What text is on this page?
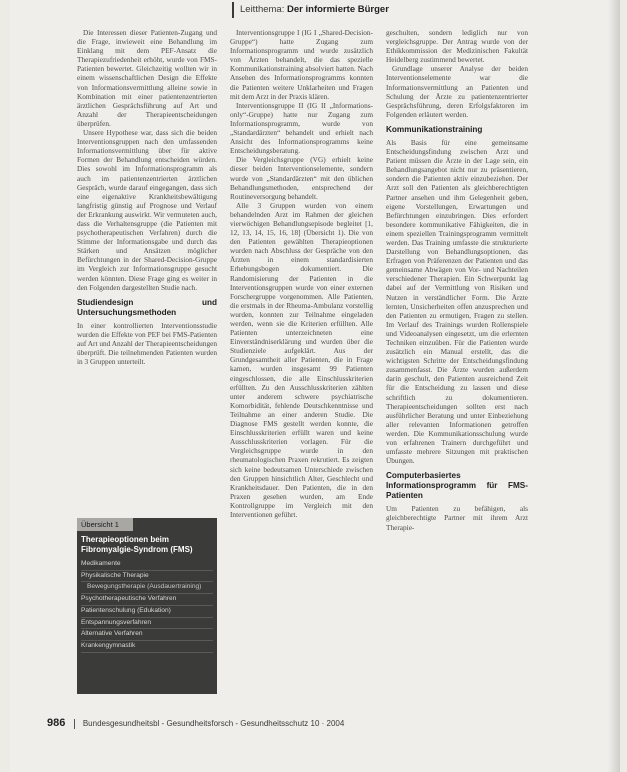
Leitthema: Der informierte Bürger

Die Interessen dieser Patienten-Zugang und die Frage, inwieweit eine Behandlung im Einklang mit dem PEF-Ansatz die Therapiezufriedenheit erhöht, wurde von FMS-Patienten bewertet. Gleichzeitig wollten wir in einem wissenschaftlichen Design die Effekte von Informationsvermittlung alleine sowie in Kombination mit einer patientenzentrierten ärztlichen Gesprächsführung auf Art und Anzahl der Therapieentscheidungen überprüfen.

Unsere Hypothese war, dass sich die beiden Interventionsgruppen nach den umfassenden Informationsvermittlung über für aktive Formen der Behandlung entscheiden würden. Dies sowohl im Informationsprogramm als auch im patientenzentrierten ärztlichen Gespräch, wurde darauf eingegangen, dass sich eine eigenaktive Krankheitsbewältigung langfristig günstig auf Prognose und Verlauf der Erkrankung auswirkt. Wir vermuteten auch, dass die Verhaltensgruppe (die Patienten mit psychotherapeutischen Verfahren) durch die Stimme der Informationsgabe und durch das Stärken und Ansätzen möglicher Befürchtungen in der Shared-Decision-Gruppe im Vergleich zur Informationsgruppe gesucht werden könnten. Diese Frage ging es weiter in den Folgenden dargestellten Studie nach.

Studiendesign und Untersuchungsmethoden

In einer kontrollierten Interventionsstudie wurden die Effekte von PEF bei FMS-Patienten auf Art und Anzahl der Therapieentscheidungen überprüft. Die teilnehmenden Patienten wurden in 3 Gruppen unterteilt.

Übersicht 1
Therapieoptionen beim Fibromyalgie-Syndrom (FMS)
Medikamente
Physikalische Therapie
Bewegungstherapie (Ausdauertraining)
Psychotherapeutische Verfahren
Patientenschulung (Edukation)
Entspannungsverfahren
Alternative Verfahren
Krankengymnastik

Interventionsgruppe I (IG I „Shared-Decision-Gruppe“) hatte Zugang zum Informationsprogramm und wurde zusätzlich von Ärzten behandelt, die das spezielle Kommunikationstraining absolviert hatten. Nach Ansehen des Informationsprogramms konnten die Patienten weitere Unklarheiten und Fragen mit dem Arzt in der Praxis klären.

Interventionsgruppe II (IG II „Informations-only“-Gruppe) hatte nur Zugang zum Informationsprogramm, wurde von „Standardärzten“ behandelt und erhielt nach Ansicht des Informationsprogramms keine Entscheidungsberatung.

Die Vergleichsgruppe (VG) erhielt keine dieser beiden Interventionselemente, sondern wurde von „Standardärzten“ mit den üblichen Behandlungsmethoden, entsprechend der Routineversorgung behandelt.

Alle 3 Gruppen wurden von einem behandelnden Arzt im Rahmen der gleichen vierwöchigen Behandlungsepisode begleitet [1, 12, 13, 14, 15, 16, 18] (Übersicht 1). Die von den Patienten gewählten Therapieoptionen wurden nach Abschluss der Gespräche von den Ärzten in einem standardisierten Erhebungsbogen dokumentiert. Die Randomisierung der Patienten in die Interventionsgruppen wurde von einer externen Forschergruppe vorgenommen. Alle Patienten, die erstmals in der Rheuma-Ambulanz vorstellig wurden, konnten zur Teilnahme eingeladen werden, wenn sie die Kriterien erfüllten. Alle Patienten unterzeichneten eine Einverständniserklärung und wurden über die Studienziele aufgeklärt. Aus der Grundgesamtheit aller Patienten, die in Frage kamen, wurden insgesamt 99 Patienten eingeschlossen, die alle Einschlusskriterien erfüllten. Zu den Ausschlusskriterien zählten unter anderem schwere psychiatrische Komorbidität, fehlende Deutschkenntnisse und Teilnahme an einer anderen Studie. Die Diagnose FMS gestellt werden konnte, die Einschlusskriterien erfüllt waren und keine Ausschlusskriterien vorlagen. Für die Vergleichsgruppe wurde in den rheumatologischen Praxen rekrutiert. Es zeigten sich keine bedeutsamen Unterschiede zwischen den Gruppen hinsichtlich Alter, Geschlecht und Krankheitsdauer. Den Patienten, die in den Praxen gesehen wurden, am Ende Kontrollgruppe im Vergleich mit den Interventionen geführt.

geschulten, sondern lediglich nur von vergleichsgruppe. Der Antrag wurde von der Ethikkommission der Medizinischen Fakultät Heidelberg zustimmend bewertet.

Grundlage unserer Analyse der beiden Interventionselemente war die Informationsvermittlung an Patienten und Schulung der Ärzte zu patientenzentrierter Gesprächsführung, deren Erfolgsfaktoren im Folgenden erläutert werden.

Kommunikationstraining

Als Basis für eine gemeinsame Entscheidungsfindung zwischen Arzt und Patient müssen die Ärzte in der Lage sein, ein Behandlungsangebot nicht nur zu präsentieren, sondern die Patienten aktiv einzubeziehen. Der Arzt soll den Patienten als gleichberechtigten Partner ansehen und ihm Gelegenheit geben, eigene Vorstellungen, Erwartungen und Befürchtungen einzubringen. Dies erfordert besondere kommunikative Fähigkeiten, die in einem speziellen Trainingsprogramm vermittelt werden. Das Training umfasste die strukturierte Darstellung von Behandlungsoptionen, das Erfragen von Präferenzen der Patienten und das gemeinsame Abwägen von Vor- und Nachteilen verschiedener Therapien. Ein Schwerpunkt lag dabei auf der Vermittlung von Risiken und Nutzen in verständlicher Form. Die Ärzte lernten, Unsicherheiten offen anzusprechen und den Patienten zu ermutigen, Fragen zu stellen. Im Verlauf des Trainings wurden Rollenspiele und Videoanalysen eingesetzt, um die erlernten Techniken einzuüben. Für die Patienten wurde zusätzlich ein Manual erstellt, das die wichtigsten Schritte der Entscheidungsfindung zusammenfasst. Die Ärzte wurden außerdem darin geschult, den Patienten ausreichend Zeit für die Entscheidung zu lassen und diese schriftlich zu dokumentieren. Therapieentscheidungen sollten erst nach ausführlicher Beratung und unter Einbeziehung aller relevanten Informationen getroffen werden. Die Kommunikationsschulung wurde von erfahrenen Trainern durchgeführt und umfasste mehrere Sitzungen mit praktischen Übungen.

Computerbasiertes Informationsprogramm für FMS-Patienten

Um Patienten zu befähigen, als gleichberechtigte Partner mit ihrem Arzt Therapie-

986 Bundesgesundheitsbl - Gesundheitsforsch - Gesundheitsschutz 10 · 2004
